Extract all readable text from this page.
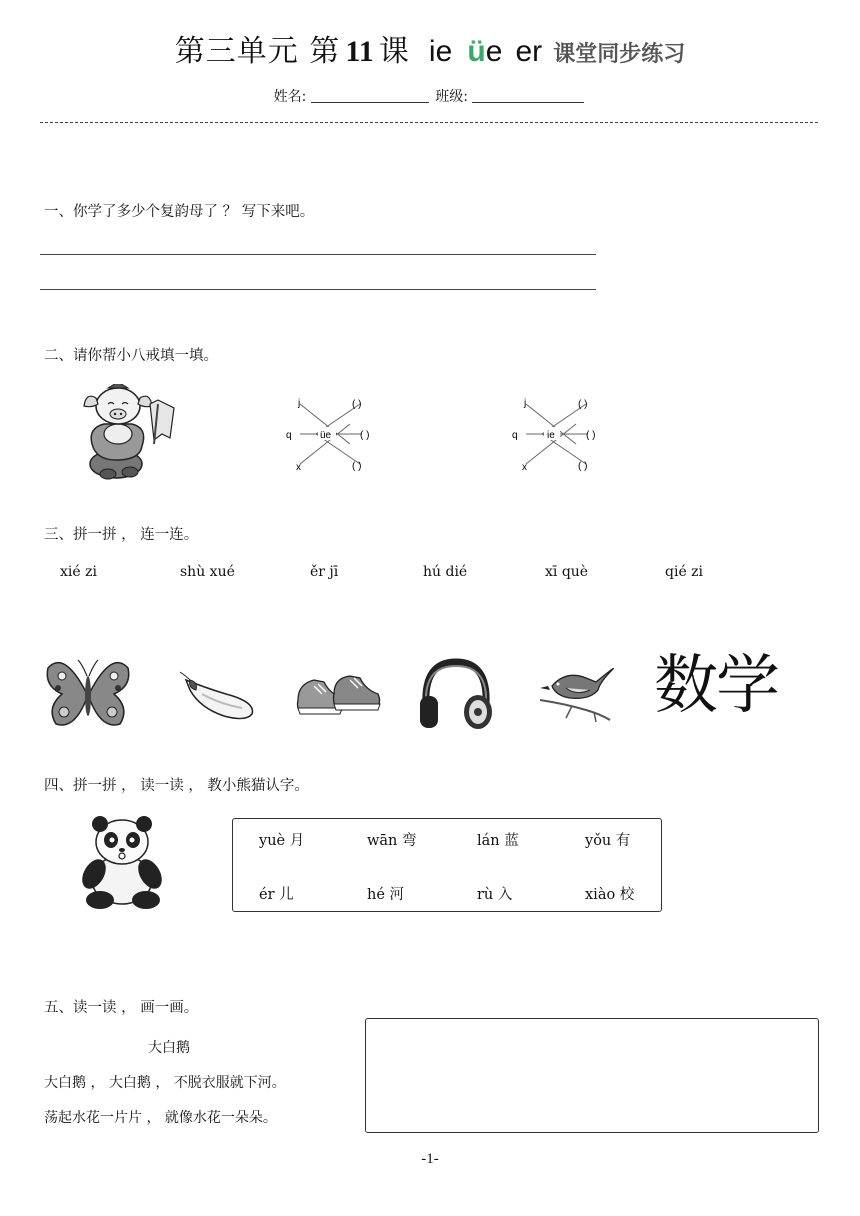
第三单元 第 11 课 ie üe er 课堂同步练习
姓名:	班级:
一、你学了多少个复韵母了 ？ 写下来吧。
二、请你帮小八戒填一填。
j
q
x
üe
( )
( )
( )
j
q
x
ie
( )
( )
( )
三、拼一拼 ， 连一连。
xié zi	shù xué	ěr jī	hú dié	xī què	qié zi
数学
四、拼一拼 ， 读一读 ， 教小熊猫认字。
yuè 月	wān 弯	lán 蓝	yǒu 有
ér 儿	hé 河	rù 入	xiào 校
五、读一读 ， 画一画。
大白鹅
大白鹅 ， 大白鹅 ， 不脱衣服就下河。
荡起水花一片片 ， 就像水花一朵朵。
-1-
